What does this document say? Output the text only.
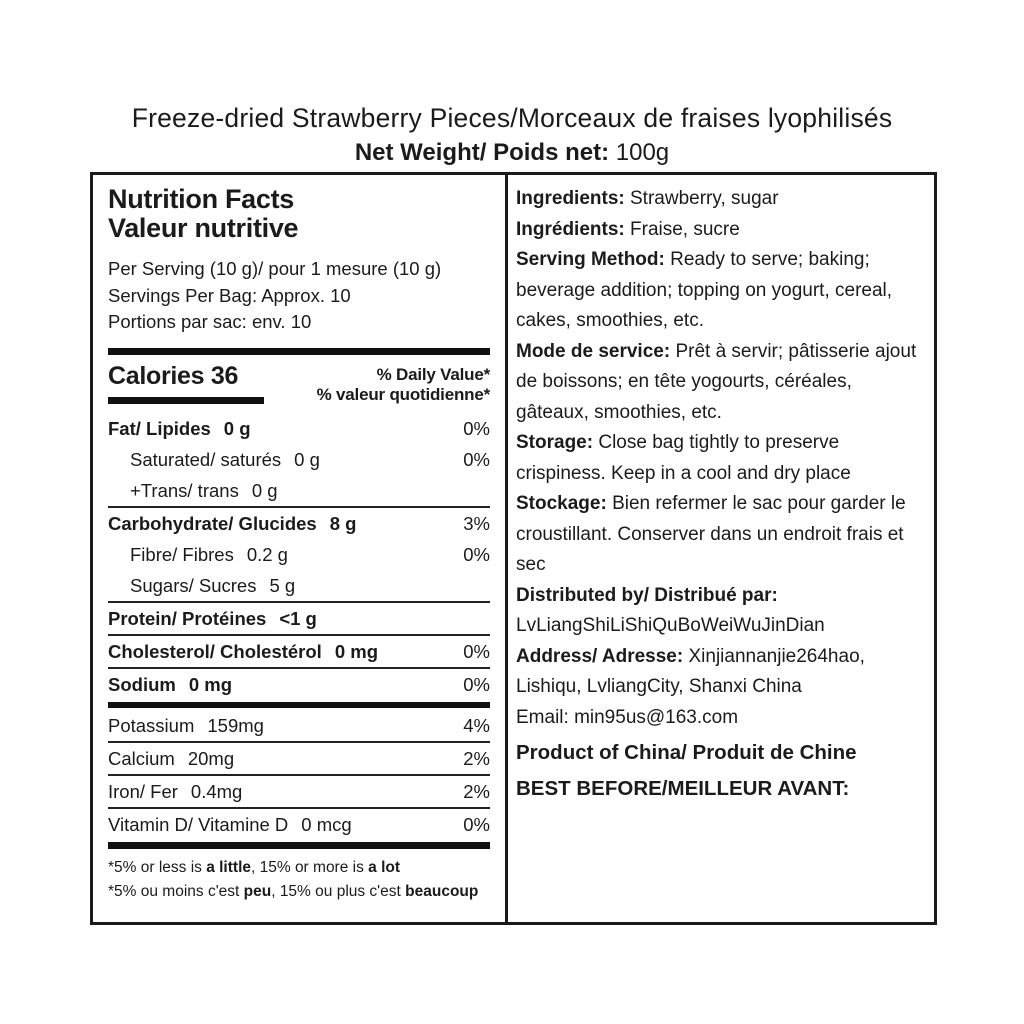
Freeze-dried Strawberry Pieces/Morceaux de fraises lyophilisés
Net Weight/ Poids net: 100g
Nutrition Facts
Valeur nutritive
Per Serving (10 g)/ pour 1 mesure (10 g)
Servings Per Bag: Approx. 10
Portions par sac: env. 10
Calories 36	% Daily Value*
% valeur quotidienne*
Fat/ Lipides 0 g	0%
Saturated/ saturés 0 g	0%
+Trans/ trans 0 g
Carbohydrate/ Glucides 8 g	3%
Fibre/ Fibres 0.2 g	0%
Sugars/ Sucres 5 g
Protein/ Protéines <1 g
Cholesterol/ Cholestérol 0 mg	0%
Sodium 0 mg	0%
Potassium 159mg	4%
Calcium 20mg	2%
Iron/ Fer 0.4mg	2%
Vitamin D/ Vitamine D 0 mcg	0%
*5% or less is a little, 15% or more is a lot
*5% ou moins c'est peu, 15% ou plus c'est beaucoup
Ingredients: Strawberry, sugar
Ingrédients: Fraise, sucre
Serving Method: Ready to serve; baking; beverage addition; topping on yogurt, cereal, cakes, smoothies, etc.
Mode de service: Prêt à servir; pâtisserie ajout de boissons; en tête yogourts, céréales, gâteaux, smoothies, etc.
Storage: Close bag tightly to preserve crispiness. Keep in a cool and dry place
Stockage: Bien refermer le sac pour garder le croustillant. Conserver dans un endroit frais et sec
Distributed by/ Distribué par:
LvLiangShiLiShiQuBoWeiWuJinDian
Address/ Adresse: Xinjiannanjie264hao, Lishiqu, LvliangCity, Shanxi China
Email: min95us@163.com
Product of China/ Produit de Chine
BEST BEFORE/MEILLEUR AVANT:
